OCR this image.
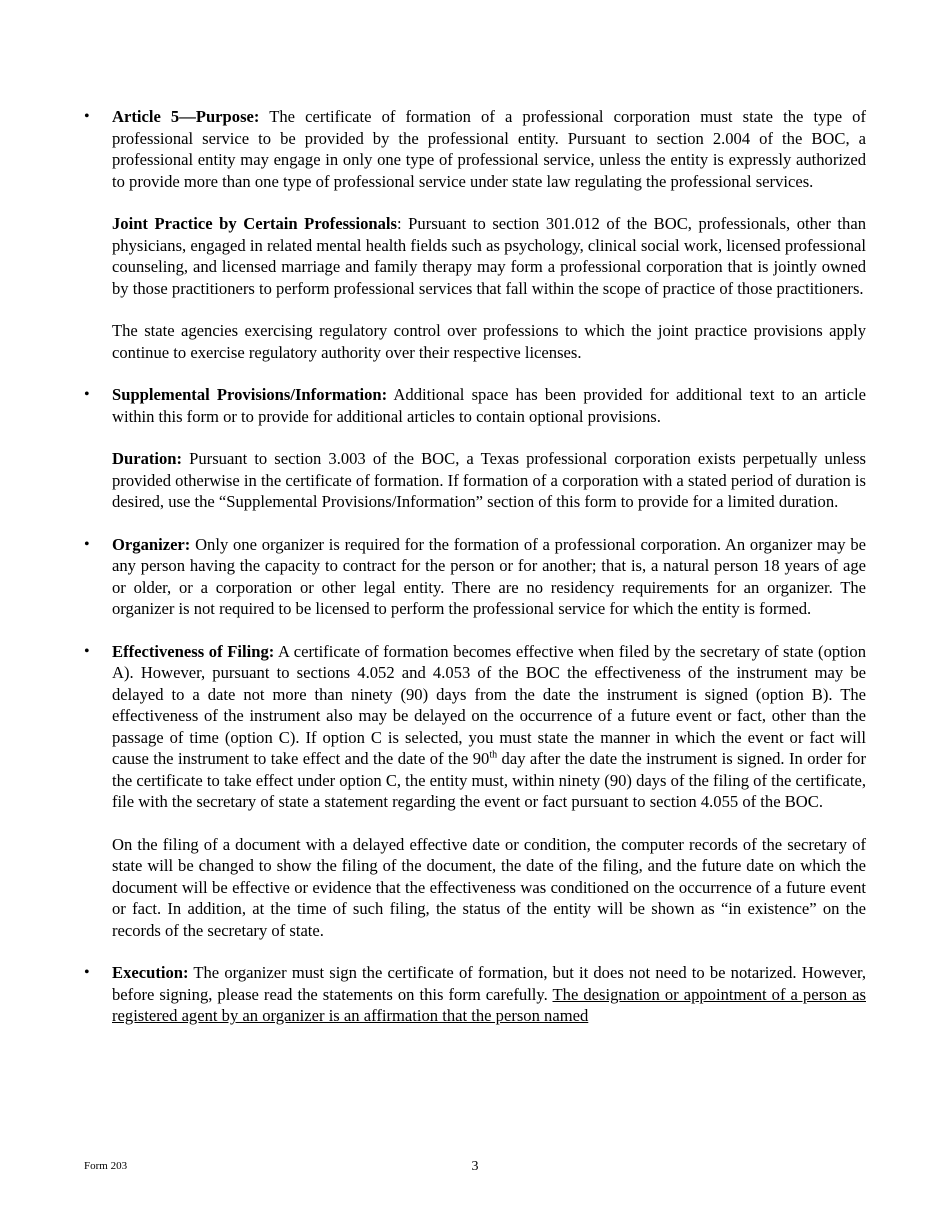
• Article 5—Purpose: The certificate of formation of a professional corporation must state the type of professional service to be provided by the professional entity. Pursuant to section 2.004 of the BOC, a professional entity may engage in only one type of professional service, unless the entity is expressly authorized to provide more than one type of professional service under state law regulating the professional services.

Joint Practice by Certain Professionals: Pursuant to section 301.012 of the BOC, professionals, other than physicians, engaged in related mental health fields such as psychology, clinical social work, licensed professional counseling, and licensed marriage and family therapy may form a professional corporation that is jointly owned by those practitioners to perform professional services that fall within the scope of practice of those practitioners.

The state agencies exercising regulatory control over professions to which the joint practice provisions apply continue to exercise regulatory authority over their respective licenses.

• Supplemental Provisions/Information: Additional space has been provided for additional text to an article within this form or to provide for additional articles to contain optional provisions.

Duration: Pursuant to section 3.003 of the BOC, a Texas professional corporation exists perpetually unless provided otherwise in the certificate of formation. If formation of a corporation with a stated period of duration is desired, use the “Supplemental Provisions/Information” section of this form to provide for a limited duration.

• Organizer: Only one organizer is required for the formation of a professional corporation. An organizer may be any person having the capacity to contract for the person or for another; that is, a natural person 18 years of age or older, or a corporation or other legal entity. There are no residency requirements for an organizer. The organizer is not required to be licensed to perform the professional service for which the entity is formed.

• Effectiveness of Filing: A certificate of formation becomes effective when filed by the secretary of state (option A). However, pursuant to sections 4.052 and 4.053 of the BOC the effectiveness of the instrument may be delayed to a date not more than ninety (90) days from the date the instrument is signed (option B). The effectiveness of the instrument also may be delayed on the occurrence of a future event or fact, other than the passage of time (option C). If option C is selected, you must state the manner in which the event or fact will cause the instrument to take effect and the date of the 90th day after the date the instrument is signed. In order for the certificate to take effect under option C, the entity must, within ninety (90) days of the filing of the certificate, file with the secretary of state a statement regarding the event or fact pursuant to section 4.055 of the BOC.

On the filing of a document with a delayed effective date or condition, the computer records of the secretary of state will be changed to show the filing of the document, the date of the filing, and the future date on which the document will be effective or evidence that the effectiveness was conditioned on the occurrence of a future event or fact. In addition, at the time of such filing, the status of the entity will be shown as “in existence” on the records of the secretary of state.

• Execution: The organizer must sign the certificate of formation, but it does not need to be notarized. However, before signing, please read the statements on this form carefully. The designation or appointment of a person as registered agent by an organizer is an affirmation that the person named

Form 203	3
